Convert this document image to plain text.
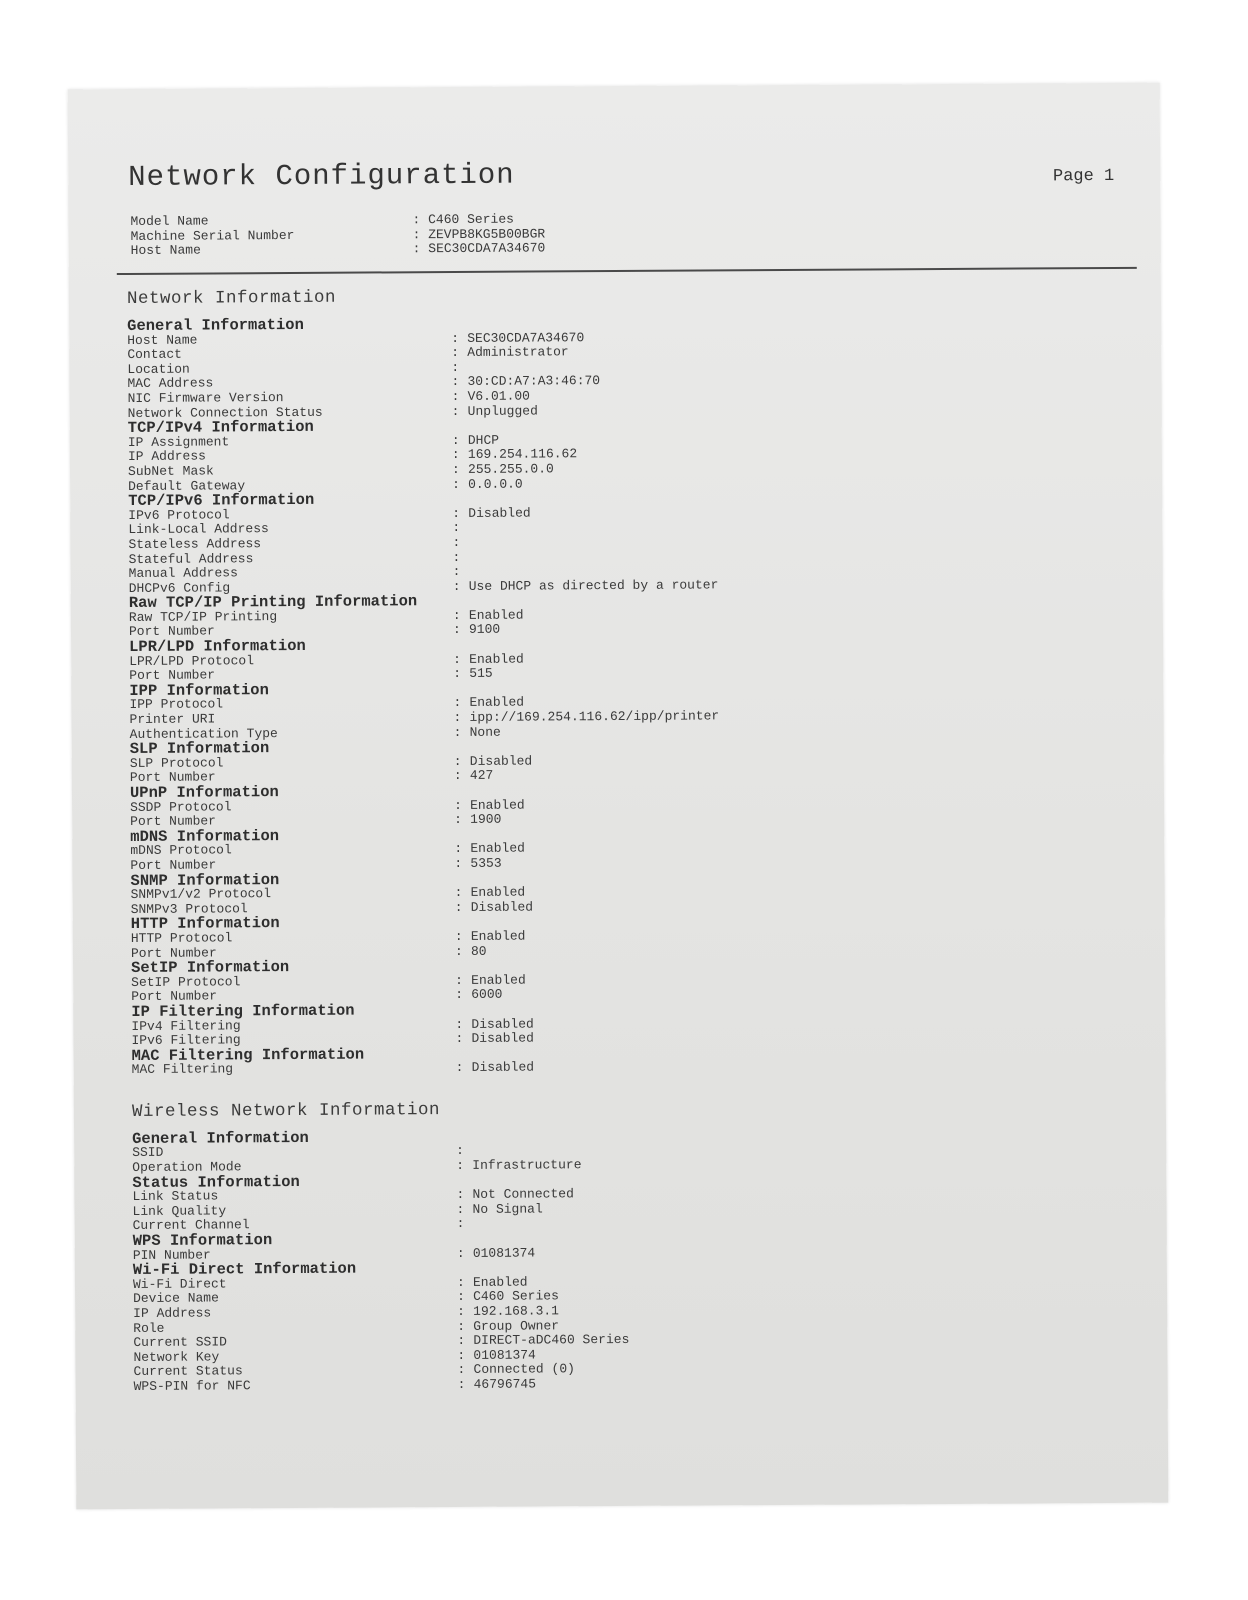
Network Configuration	Page 1
Model Name	: C460 Series
Machine Serial Number	: ZEVPB8KG5B00BGR
Host Name	: SEC30CDA7A34670
Network Information
General Information
Host Name	: SEC30CDA7A34670
Contact	: Administrator
Location	:
MAC Address	: 30:CD:A7:A3:46:70
NIC Firmware Version	: V6.01.00
Network Connection Status	: Unplugged
TCP/IPv4 Information
IP Assignment	: DHCP
IP Address	: 169.254.116.62
SubNet Mask	: 255.255.0.0
Default Gateway	: 0.0.0.0
TCP/IPv6 Information
IPv6 Protocol	: Disabled
Link-Local Address	:
Stateless Address	:
Stateful Address	:
Manual Address	:
DHCPv6 Config	: Use DHCP as directed by a router
Raw TCP/IP Printing Information
Raw TCP/IP Printing	: Enabled
Port Number	: 9100
LPR/LPD Information
LPR/LPD Protocol	: Enabled
Port Number	: 515
IPP Information
IPP Protocol	: Enabled
Printer URI	: ipp://169.254.116.62/ipp/printer
Authentication Type	: None
SLP Information
SLP Protocol	: Disabled
Port Number	: 427
UPnP Information
SSDP Protocol	: Enabled
Port Number	: 1900
mDNS Information
mDNS Protocol	: Enabled
Port Number	: 5353
SNMP Information
SNMPv1/v2 Protocol	: Enabled
SNMPv3 Protocol	: Disabled
HTTP Information
HTTP Protocol	: Enabled
Port Number	: 80
SetIP Information
SetIP Protocol	: Enabled
Port Number	: 6000
IP Filtering Information
IPv4 Filtering	: Disabled
IPv6 Filtering	: Disabled
MAC Filtering Information
MAC Filtering	: Disabled
Wireless Network Information
General Information
SSID	:
Operation Mode	: Infrastructure
Status Information
Link Status	: Not Connected
Link Quality	: No Signal
Current Channel	:
WPS Information
PIN Number	: 01081374
Wi-Fi Direct Information
Wi-Fi Direct	: Enabled
Device Name	: C460 Series
IP Address	: 192.168.3.1
Role	: Group Owner
Current SSID	: DIRECT-aDC460 Series
Network Key	: 01081374
Current Status	: Connected (0)
WPS-PIN for NFC	: 46796745
